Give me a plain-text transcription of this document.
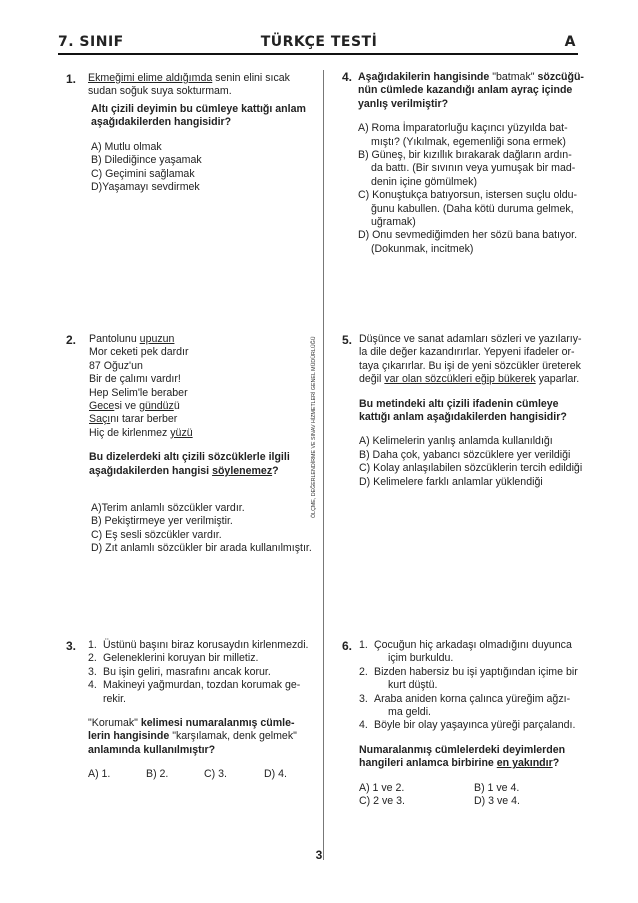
7. SINIF	TÜRKÇE TESTİ	A
ÖLÇME, DEĞERLENDİRME VE SINAV HİZMETLERİ GENEL MÜDÜRLÜĞÜ
1. Ekmeğimi elime aldığımda senin elini sıcak
sudan soğuk suya sokturmam.
Altı çizili deyimin bu cümleye kattığı anlam
aşağıdakilerden hangisidir?
A) Mutlu olmak
B) Dilediğince yaşamak
C) Geçimini sağlamak
D)Yaşamayı sevdirmek
2. Pantolunu upuzun
Mor ceketi pek dardır
87 Oğuz'un
Bir de çalımı vardır!
Hep Selim'le beraber
Gecesi ve gündüzü
Saçını tarar berber
Hiç de kirlenmez yüzü
Bu dizelerdeki altı çizili sözcüklerle ilgili
aşağıdakilerden hangisi söylenemez?
A)Terim anlamlı sözcükler vardır.
B) Pekiştirmeye yer verilmiştir.
C) Eş sesli sözcükler vardır.
D) Zıt anlamlı sözcükler bir arada kullanılmıştır.
3. 1. Üstünü başını biraz korusaydın kirlenmezdi.
2. Geleneklerini koruyan bir milletiz.
3. Bu işin geliri, masrafını ancak korur.
4. Makineyi yağmurdan, tozdan korumak ge-
rekir.
"Korumak" kelimesi numaralanmış cümle-
lerin hangisinde "karşılamak, denk gelmek"
anlamında kullanılmıştır?
A) 1.	B) 2.	C) 3.	D) 4.
4. Aşağıdakilerin hangisinde "batmak" sözcüğü-
nün cümlede kazandığı anlam ayraç içinde
yanlış verilmiştir?
A) Roma İmparatorluğu kaçıncı yüzyılda bat-
mıştı? (Yıkılmak, egemenliği sona ermek)
B) Güneş, bir kızıllık bırakarak dağların ardın-
da battı. (Bir sıvının veya yumuşak bir mad-
denin içine gömülmek)
C) Konuştukça batıyorsun, istersen suçlu oldu-
ğunu kabullen. (Daha kötü duruma gelmek,
uğramak)
D) Onu sevmediğimden her sözü bana batıyor.
(Dokunmak, incitmek)
5. Düşünce ve sanat adamları sözleri ve yazılarıy-
la dile değer kazandırırlar. Yepyeni ifadeler or-
taya çıkarırlar. Bu işi de yeni sözcükler üreterek
değil var olan sözcükleri eğip bükerek yaparlar.
Bu metindeki altı çizili ifadenin cümleye
kattığı anlam aşağıdakilerden hangisidir?
A) Kelimelerin yanlış anlamda kullanıldığı
B) Daha çok, yabancı sözcüklere yer verildiği
C) Kolay anlaşılabilen sözcüklerin tercih edildiği
D) Kelimelere farklı anlamlar yüklendiği
6. 1. Çocuğun hiç arkadaşı olmadığını duyunca
içim burkuldu.
2. Bizden habersiz bu işi yaptığından içime bir
kurt düştü.
3. Araba aniden korna çalınca yüreğim ağzı-
ma geldi.
4. Böyle bir olay yaşayınca yüreği parçalandı.
Numaralanmış cümlelerdeki deyimlerden
hangileri anlamca birbirine en yakındır?
A) 1 ve 2.	B) 1 ve 4.
C) 2 ve 3.	D) 3 ve 4.
3
